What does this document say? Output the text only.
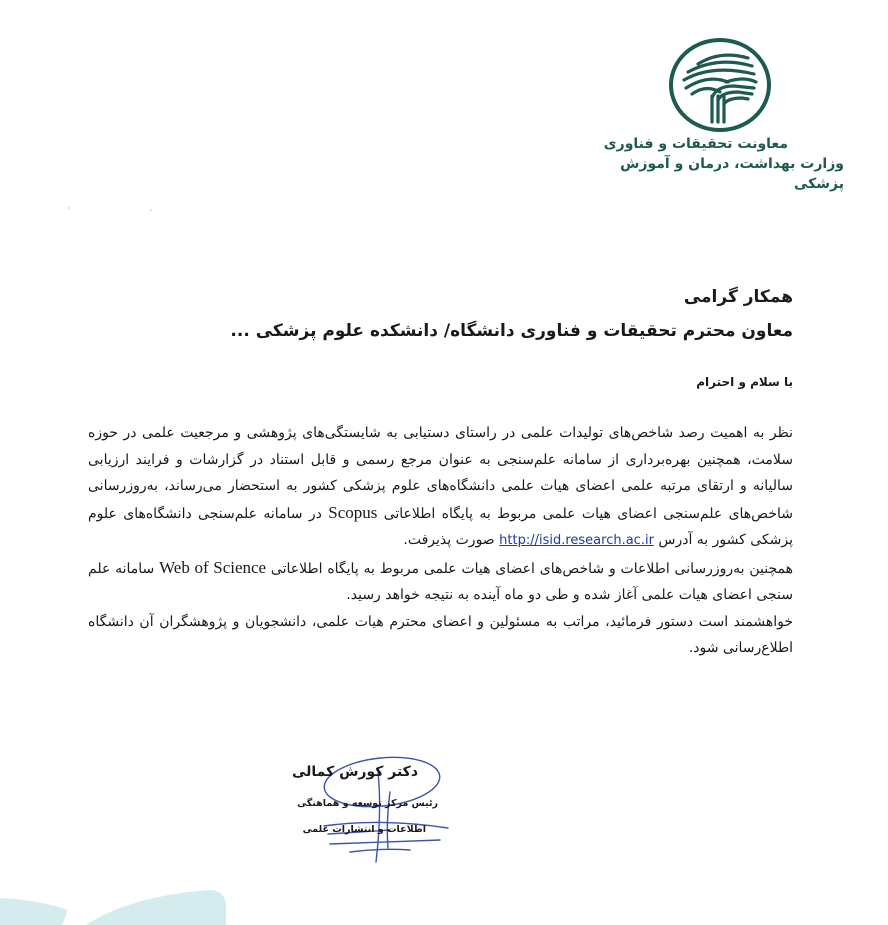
معاونت تحقیقات و فناوری
وزارت بهداشت، درمان و آموزش پزشکی
همکار گرامی
معاون محترم تحقیقات و فناوری دانشگاه/ دانشکده علوم پزشکی ...
با سلام و احترام

نظر به اهمیت رصد شاخص‌های تولیدات علمی در راستای دستیابی به شایستگی‌های پژوهشی و مرجعیت علمی در حوزه سلامت، همچنین بهره‌برداری از سامانه علم‌سنجی به عنوان مرجع رسمی و قابل استناد در گزارشات و فرایند ارزیابی سالیانه و ارتقای مرتبه علمی اعضای هیات علمی دانشگاه‌های علوم پزشکی کشور به استحضار می‌رساند، به‌روزرسانی شاخص‌های علم‌سنجی اعضای هیات علمی مربوط به پایگاه اطلاعاتی Scopus در سامانه علم‌سنجی دانشگاه‌های علوم پزشکی کشور به آدرس http://isid.research.ac.ir صورت پذیرفت.

همچنین به‌روزرسانی اطلاعات و شاخص‌های اعضای هیات علمی مربوط به پایگاه اطلاعاتی Web of Science سامانه علم سنجی اعضای هیات علمی آغاز شده و طی دو ماه آینده به نتیجه خواهد رسید.

خواهشمند است دستور فرمائید، مراتب به مسئولین و اعضای محترم هیات علمی، دانشجویان و پژوهشگران آن دانشگاه اطلاع‌رسانی شود.

دکتر کورش کمالی
رئیس مرکز توسعه و هماهنگی
اطلاعات و انتشارات علمی
